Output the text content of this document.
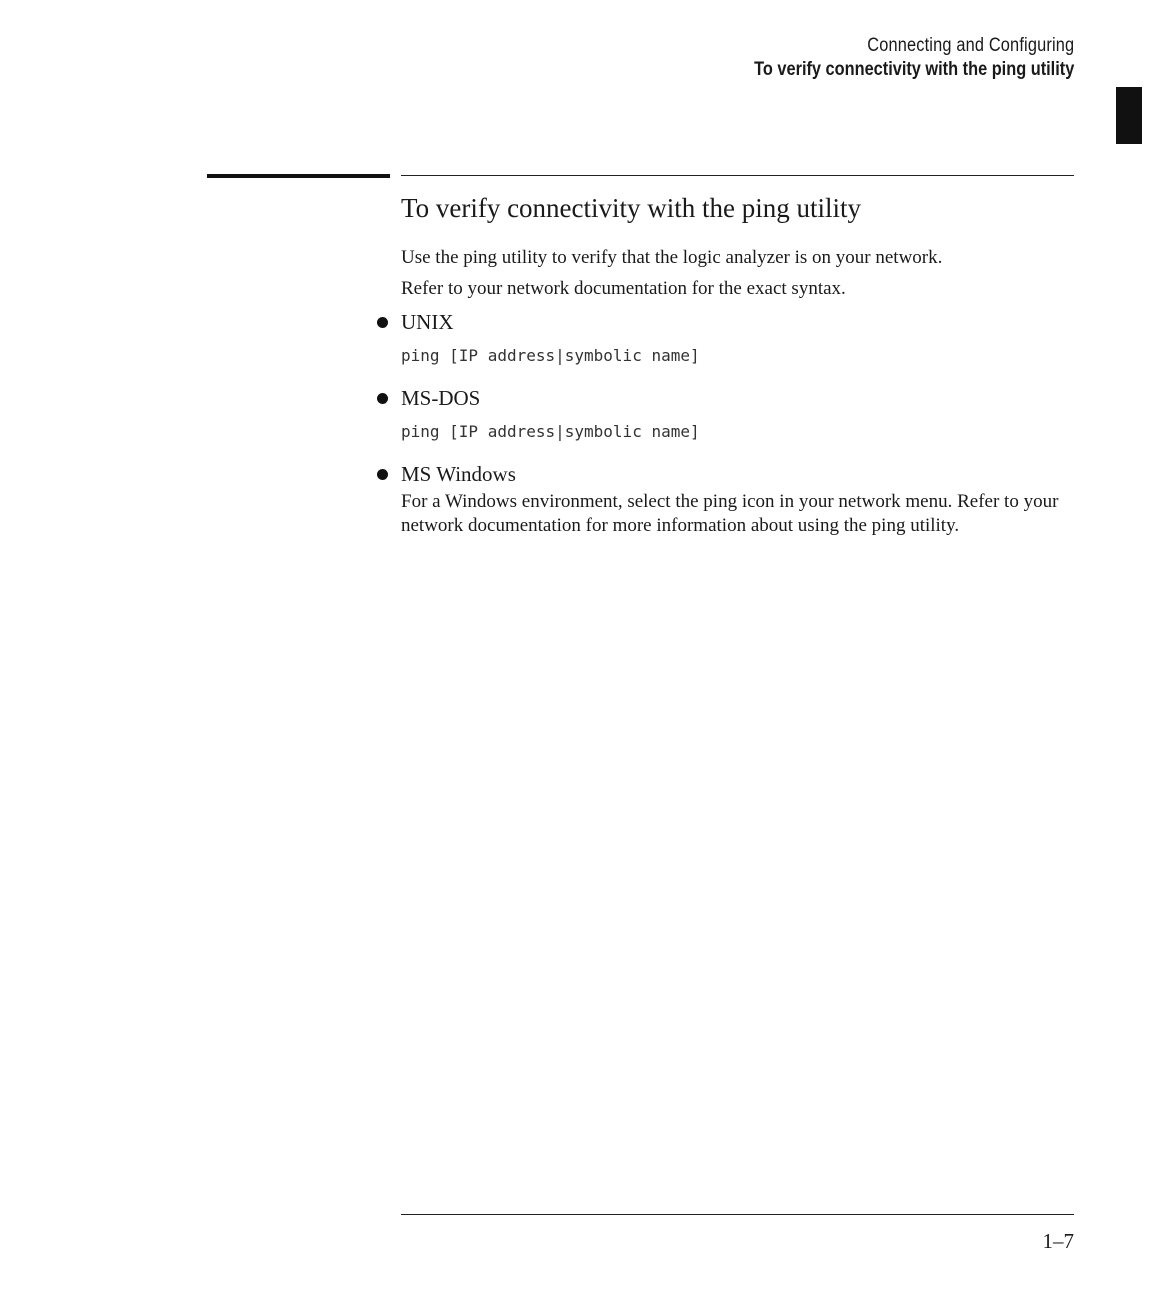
Connecting and Configuring
To verify connectivity with the ping utility
To verify connectivity with the ping utility

Use the ping utility to verify that the logic analyzer is on your network.

Refer to your network documentation for the exact syntax.

UNIX
ping [IP address|symbolic name]
MS-DOS
ping [IP address|symbolic name]
MS Windows

For a Windows environment, select the ping icon in your network menu. Refer to your network documentation for more information about using the ping utility.

1–7
